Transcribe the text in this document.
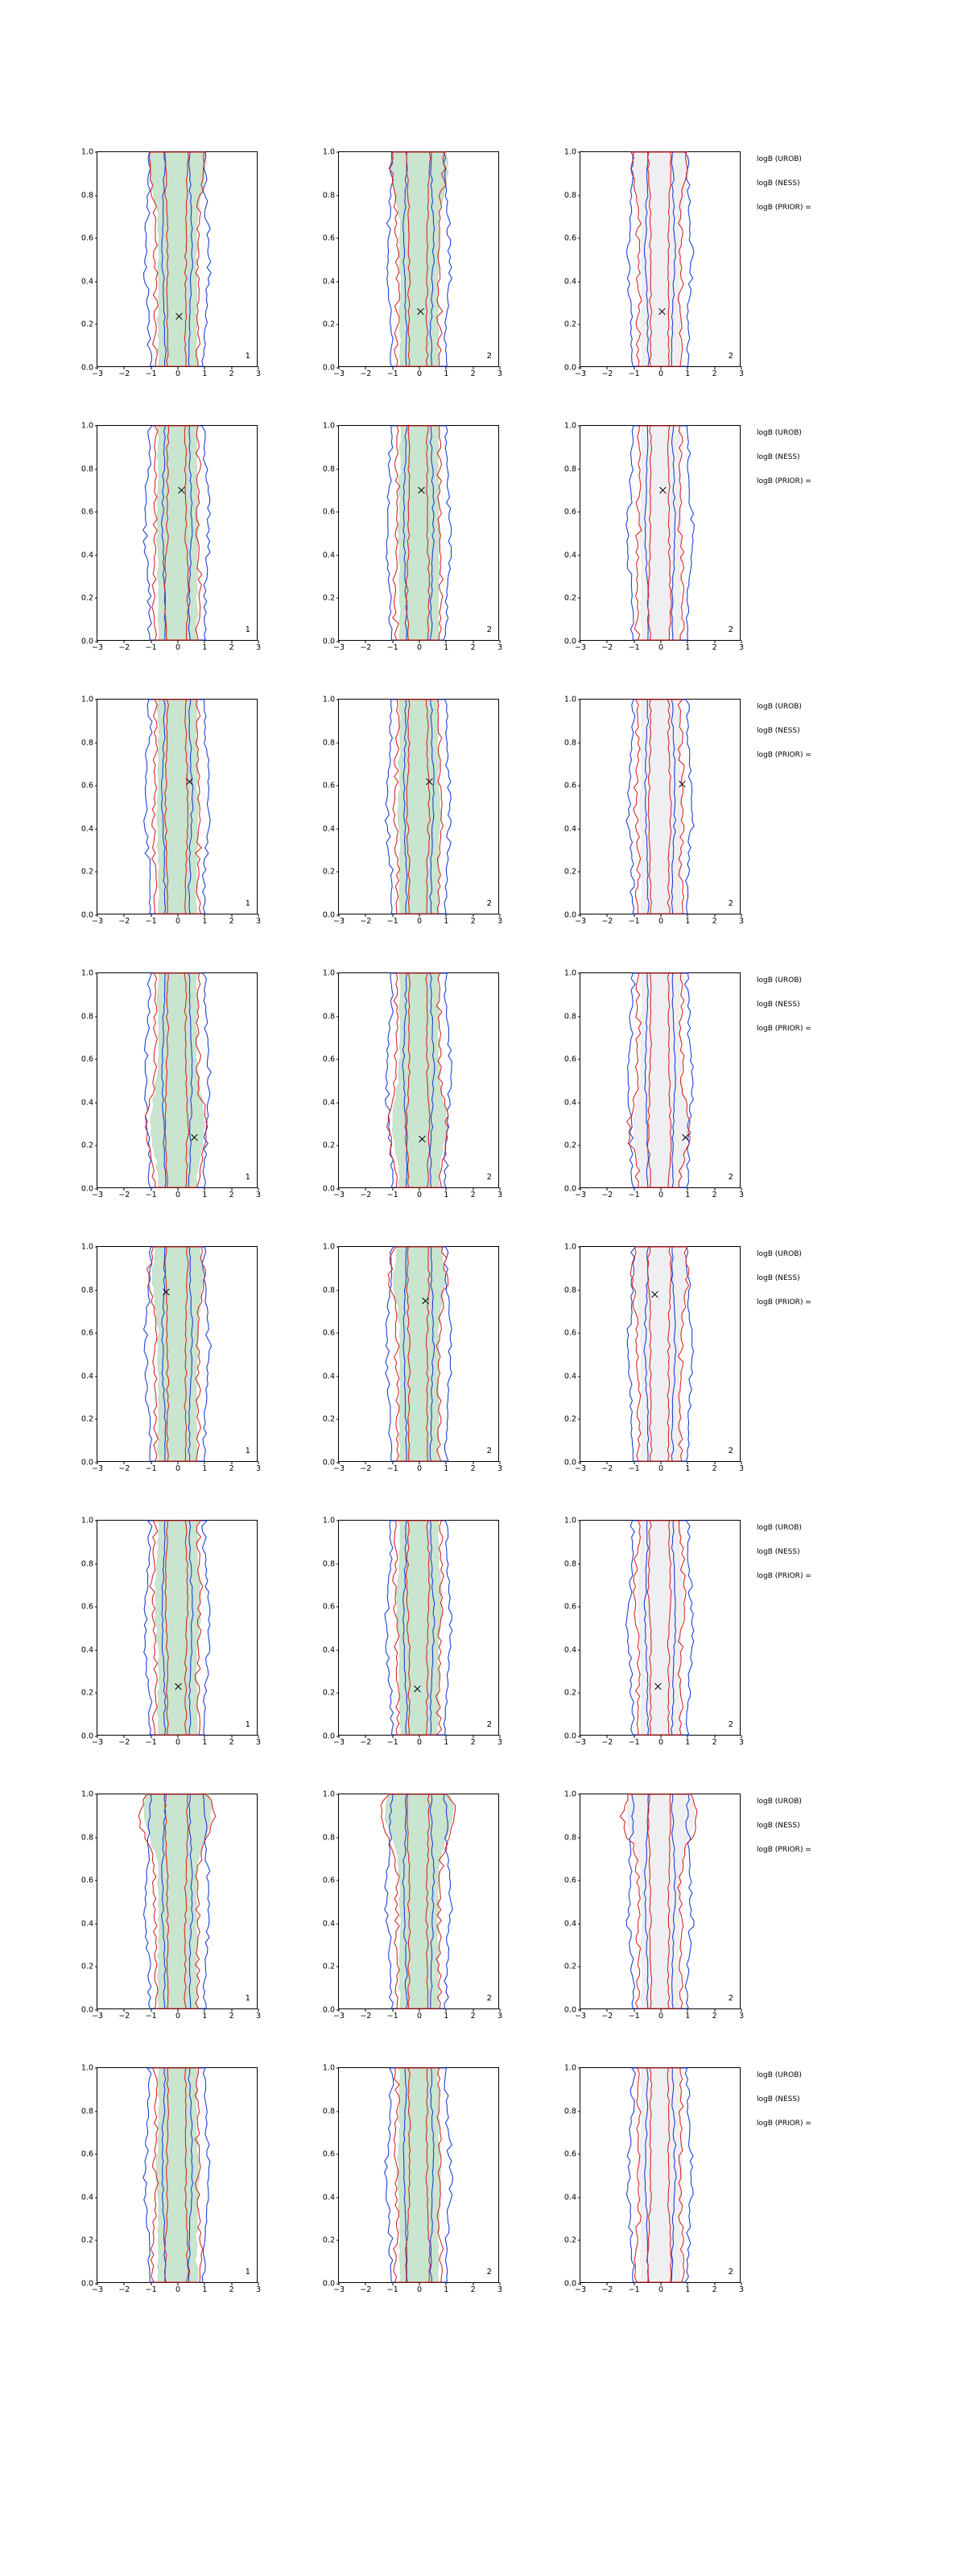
0.0
0.2
0.4
0.6
0.8
1.0
−3 −2 −1 0	1	2	3
1
0.0
0.2
0.4
0.6
0.8
1.0
−3 −2 −1 0	1	2	3
2
0.0
0.2
0.4
0.6
0.8
1.0
−3 −2 −1 0	1	2	3
2
logB (UROB)
logB (NESS)
logB (PRIOR) =
0.0
0.2
0.4
0.6
0.8
1.0
−3 −2 −1 0	1	2	3
1
0.0
0.2
0.4
0.6
0.8
1.0
−3 −2 −1 0	1	2	3
2
0.0
0.2
0.4
0.6
0.8
1.0
−3 −2 −1 0	1	2	3
2
logB (UROB)
logB (NESS)
logB (PRIOR) =
0.0
0.2
0.4
0.6
0.8
1.0
−3 −2 −1 0	1	2	3
1
0.0
0.2
0.4
0.6
0.8
1.0
−3 −2 −1 0	1	2	3
2
0.0
0.2
0.4
0.6
0.8
1.0
−3 −2 −1 0	1	2	3
2
logB (UROB)
logB (NESS)
logB (PRIOR) =
0.0
0.2
0.4
0.6
0.8
1.0
−3 −2 −1 0	1	2	3
1
0.0
0.2
0.4
0.6
0.8
1.0
−3 −2 −1 0	1	2	3
2
0.0
0.2
0.4
0.6
0.8
1.0
−3 −2 −1 0	1	2	3
2
logB (UROB)
logB (NESS)
logB (PRIOR) =
0.0
0.2
0.4
0.6
0.8
1.0
−3 −2 −1 0	1	2	3
1
0.0
0.2
0.4
0.6
0.8
1.0
−3 −2 −1 0	1	2	3
2
0.0
0.2
0.4
0.6
0.8
1.0
−3 −2 −1 0	1	2	3
2
logB (UROB)
logB (NESS)
logB (PRIOR) =
0.0
0.2
0.4
0.6
0.8
1.0
−3 −2 −1 0	1	2	3
1
0.0
0.2
0.4
0.6
0.8
1.0
−3 −2 −1 0	1	2	3
2
0.0
0.2
0.4
0.6
0.8
1.0
−3 −2 −1 0	1	2	3
2
logB (UROB)
logB (NESS)
logB (PRIOR) =
0.0
0.2
0.4
0.6
0.8
1.0
−3 −2 −1 0	1	2	3
1
0.0
0.2
0.4
0.6
0.8
1.0
−3 −2 −1 0	1	2	3
2
0.0
0.2
0.4
0.6
0.8
1.0
−3 −2 −1 0	1	2	3
2
logB (UROB)
logB (NESS)
logB (PRIOR) =
0.0
0.2
0.4
0.6
0.8
1.0
−3 −2 −1 0	1	2	3
1
0.0
0.2
0.4
0.6
0.8
1.0
−3 −2 −1 0	1	2	3
2
0.0
0.2
0.4
0.6
0.8
1.0
−3 −2 −1 0	1	2	3
2
logB (UROB)
logB (NESS)
logB (PRIOR) =
